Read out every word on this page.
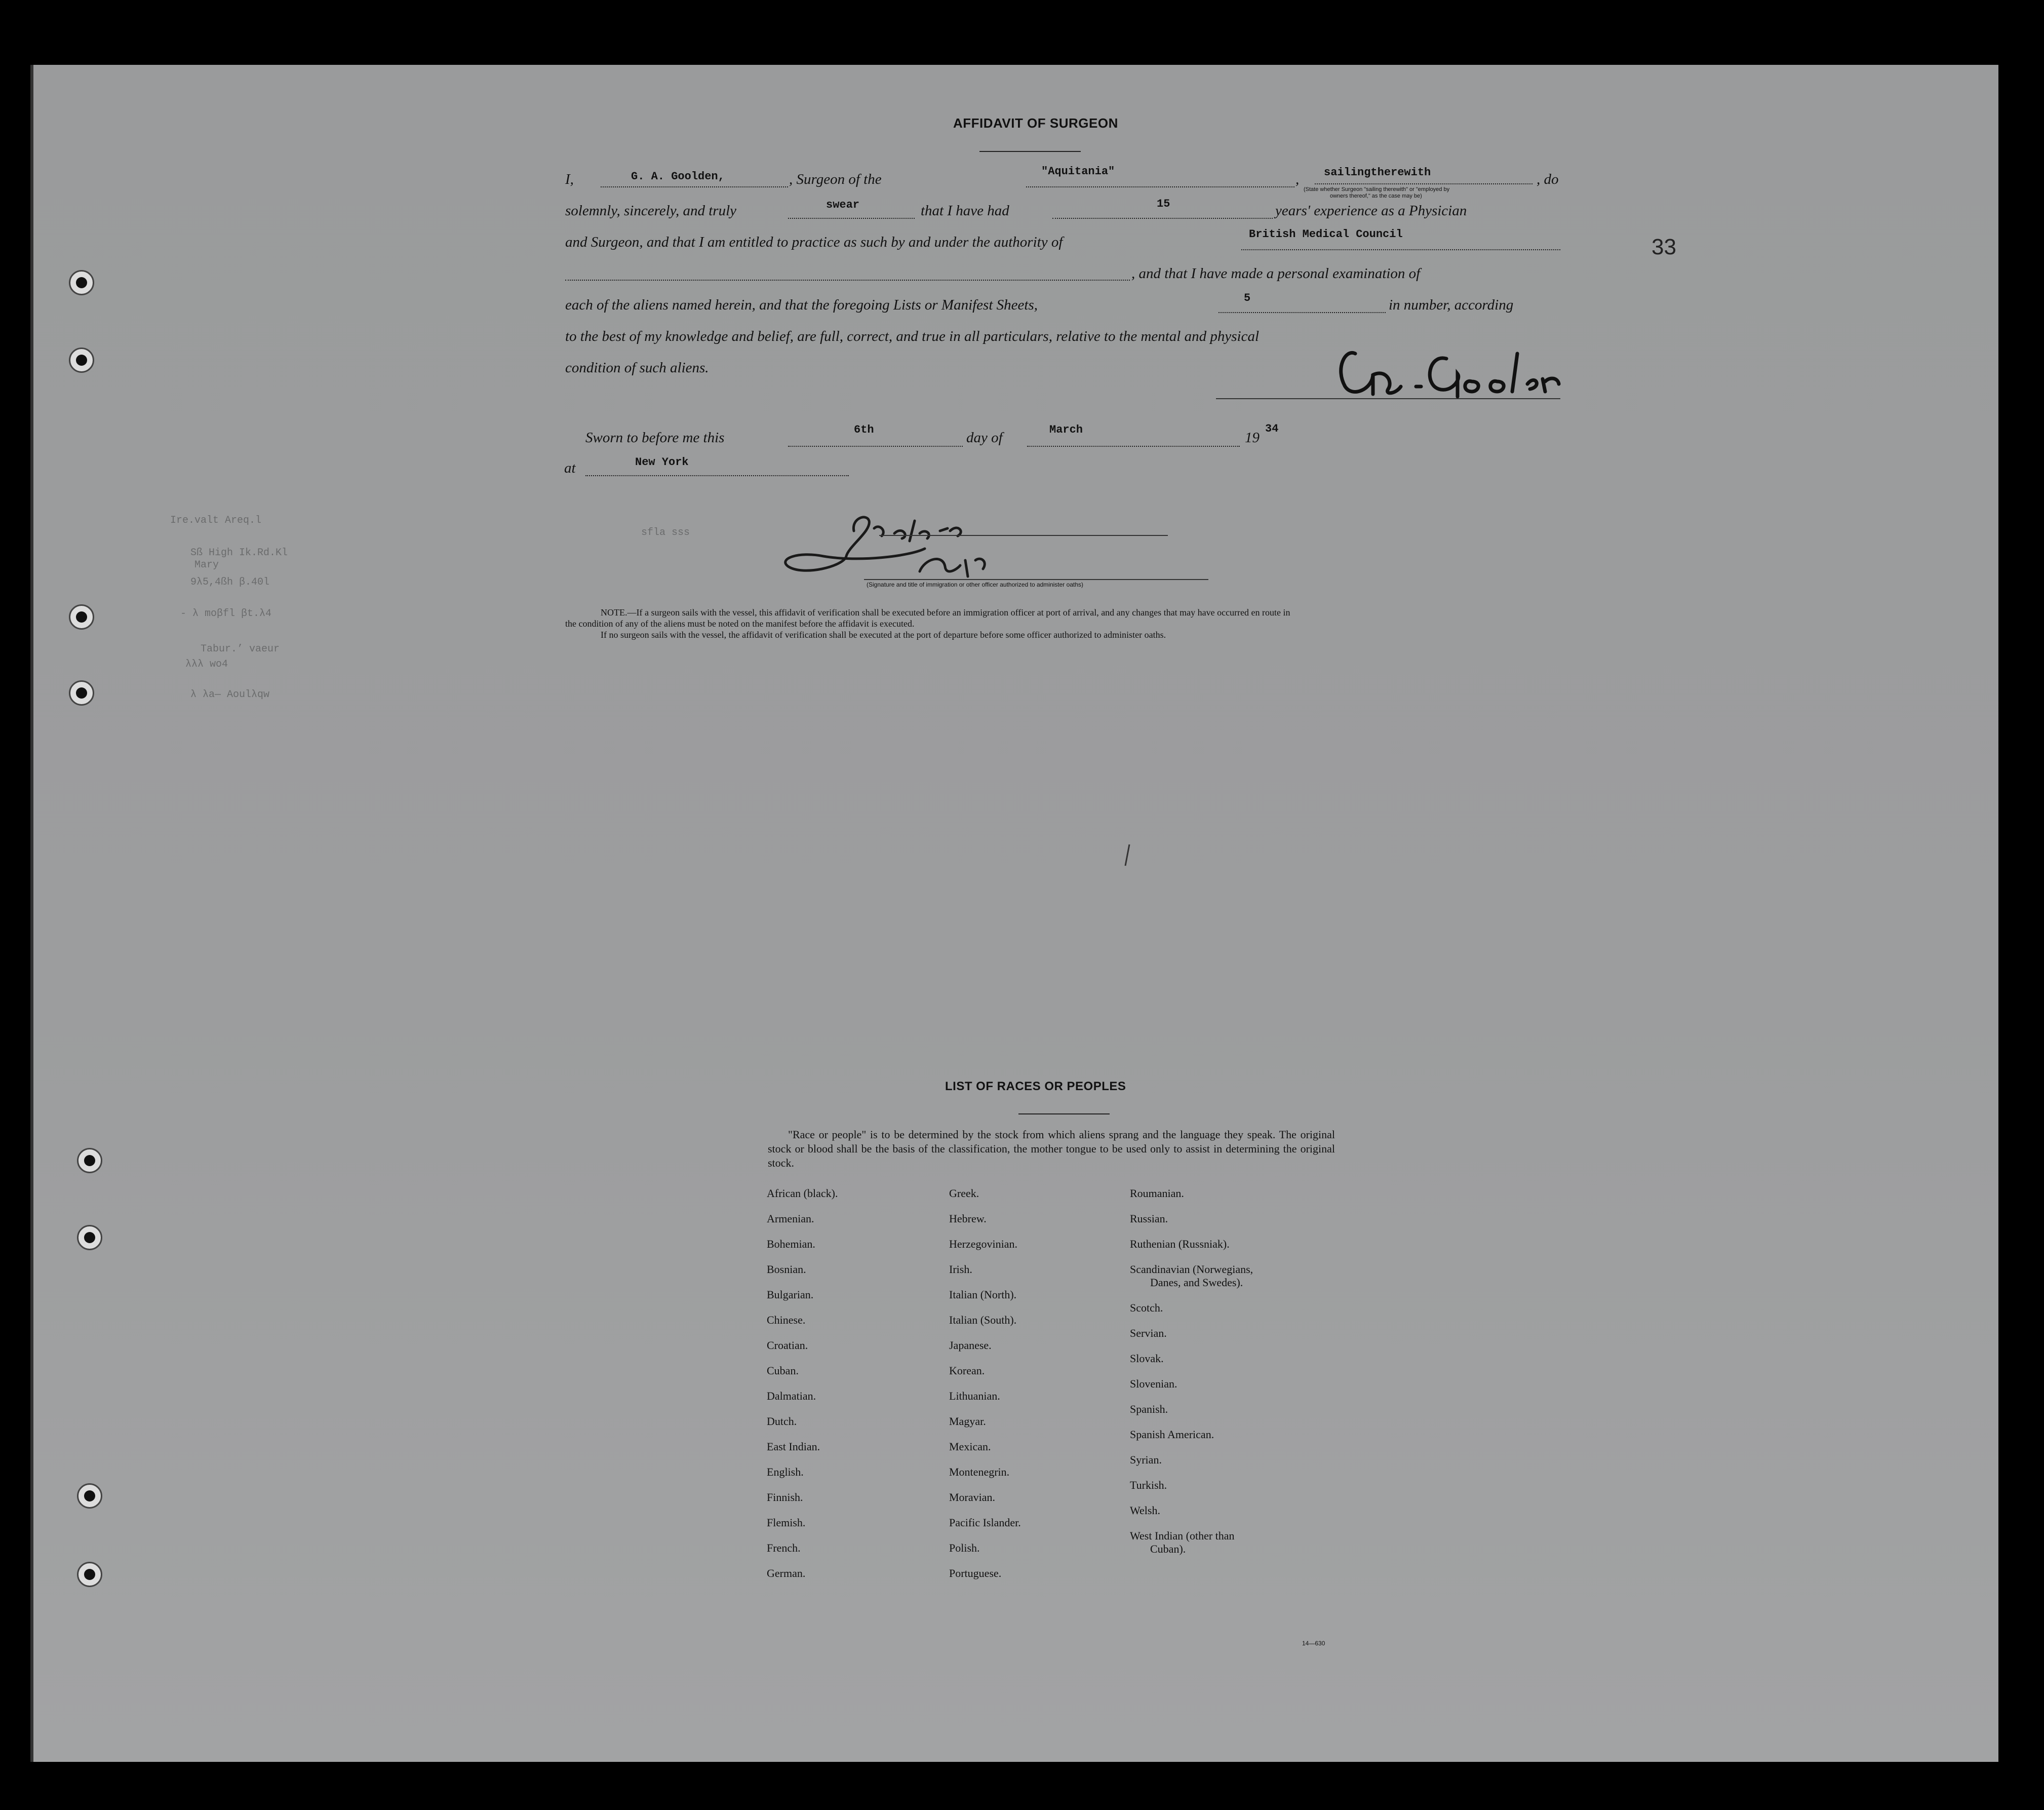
33
AFFIDAVIT OF SURGEON
I,	G. A. Goolden,	, Surgeon of the	"Aquitania"	, sailingtherewith
(State whether Surgeon "sailing therewith" or "employed by
owners thereof," as the case may be)
, do
solemnly, sincerely, and truly	swear	that I have had	15	years' experience as a Physician
and Surgeon, and that I am entitled to practice as such by and under the authority of	British Medical Council
, and that I have made a personal examination of
each of the aliens named herein, and that the foregoing Lists or Manifest Sheets,	5	in number, according
to the best of my knowledge and belief, are full, correct, and true in all particulars, relative to the mental and physical
condition of such aliens.
Sworn to before me this	6th	day of	March	19
34
at	New York
Ire.valt Areq.l
sfla sss
Sß High Ik.Rd.Kl
Mary
9λ5,4ßh β.40l
- λ moβfl βt.λ4
Tabur.’ vaeur
λλλ wo4
λ λa— Aoulλqw
(Signature and title of immigration or other officer authorized to administer oaths)
NOTE.—If a surgeon sails with the vessel, this affidavit of verification shall be executed before an immigration officer at port of arrival, and any changes that may have occurred en route in
the condition of any of the aliens must be noted on the manifest before the affidavit is executed.
If no surgeon sails with the vessel, the affidavit of verification shall be executed at the port of departure before some officer authorized to administer oaths.
LIST OF RACES OR PEOPLES
"Race or people" is to be determined by the stock from which aliens sprang and the language they speak. The original stock or blood shall be the basis of the classification, the mother tongue to be used only to assist in determining the original stock.
African (black).
Armenian.
Bohemian.
Bosnian.
Bulgarian.
Chinese.
Croatian.
Cuban.
Dalmatian.
Dutch.
East Indian.
English.
Finnish.
Flemish.
French.
German.
Greek.
Hebrew.
Herzegovinian.
Irish.
Italian (North).
Italian (South).
Japanese.
Korean.
Lithuanian.
Magyar.
Mexican.
Montenegrin.
Moravian.
Pacific Islander.
Polish.
Portuguese.
Roumanian.
Russian.
Ruthenian (Russniak).
Scandinavian (Norwegians,
Danes, and Swedes).
Scotch.
Servian.
Slovak.
Slovenian.
Spanish.
Spanish American.
Syrian.
Turkish.
Welsh.
West Indian (other than
Cuban).
14—630
